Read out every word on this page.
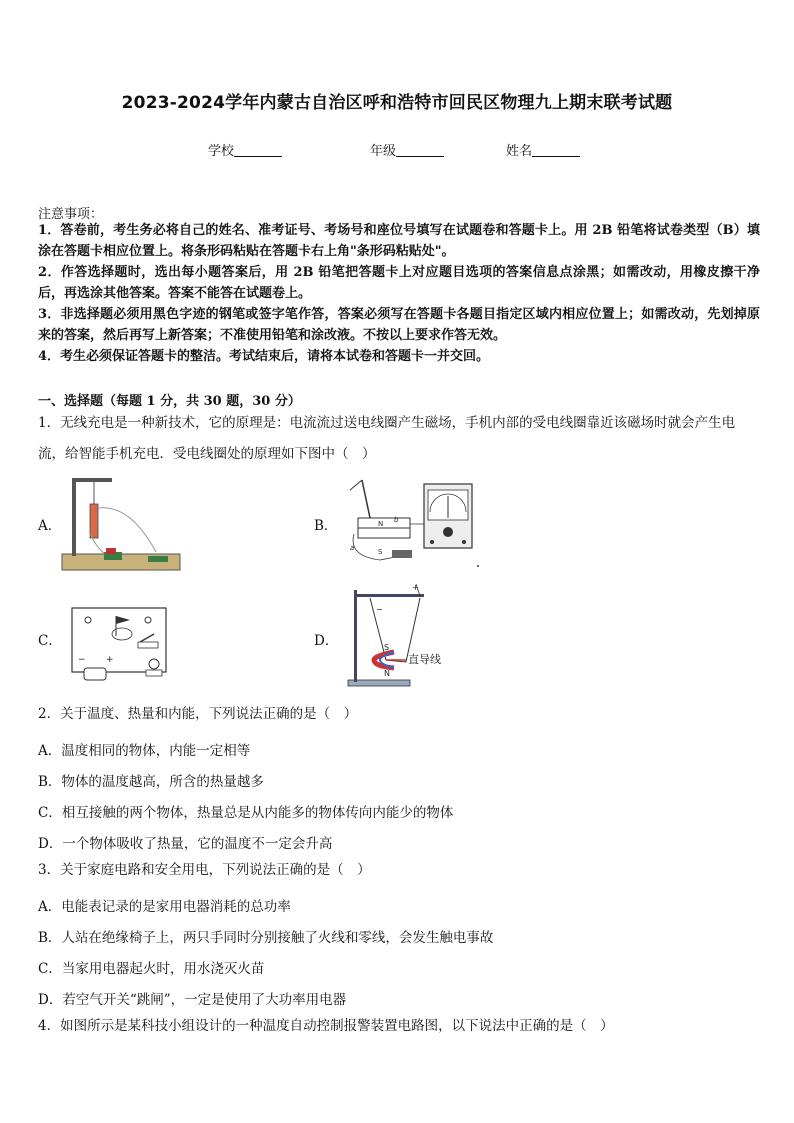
2023-2024学年内蒙古自治区呼和浩特市回民区物理九上期末联考试题
学校	年级	姓名
注意事项：
1．答卷前，考生务必将自己的姓名、准考证号、考场号和座位号填写在试题卷和答题卡上。用 2B 铅笔将试卷类型（B）填涂在答题卡相应位置上。将条形码粘贴在答题卡右上角"条形码粘贴处"。
2．作答选择题时，选出每小题答案后，用 2B 铅笔把答题卡上对应题目选项的答案信息点涂黑；如需改动，用橡皮擦干净后，再选涂其他答案。答案不能答在试题卷上。
3．非选择题必须用黑色字迹的钢笔或签字笔作答，答案必须写在答题卡各题目指定区域内相应位置上；如需改动，先划掉原来的答案，然后再写上新答案；不准使用铅笔和涂改液。不按以上要求作答无效。
4．考生必须保证答题卡的整洁。考试结束后，请将本试卷和答题卡一并交回。
一、选择题（每题 1 分，共 30 题，30 分）
1．无线充电是一种新技术，它的原理是：电流流过送电线圈产生磁场，手机内部的受电线圈靠近该磁场时就会产生电流，给智能手机充电．受电线圈处的原理如下图中（　）
A．	B．	N
S
a
b
C．
− +
D．
+
−
S
N
直导线
2．关于温度、热量和内能，下列说法正确的是（　）
A．温度相同的物体，内能一定相等
B．物体的温度越高，所含的热量越多
C．相互接触的两个物体，热量总是从内能多的物体传向内能少的物体
D．一个物体吸收了热量，它的温度不一定会升高
3．关于家庭电路和安全用电，下列说法正确的是（　）
A．电能表记录的是家用电器消耗的总功率
B．人站在绝缘椅子上，两只手同时分别接触了火线和零线，会发生触电事故
C．当家用电器起火时，用水浇灭火苗
D．若空气开关“跳闸”，一定是使用了大功率用电器
4．如图所示是某科技小组设计的一种温度自动控制报警装置电路图，以下说法中正确的是（　）
